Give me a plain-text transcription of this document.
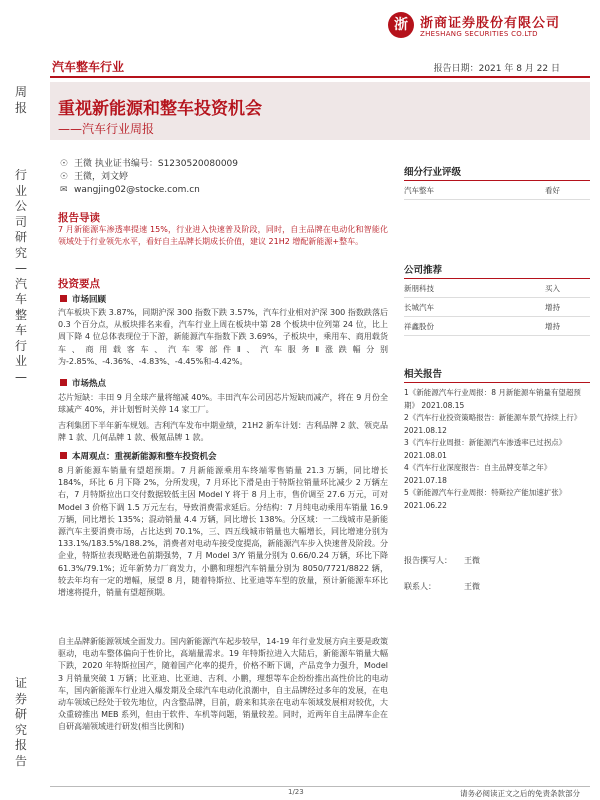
浙 浙商证券股份有限公司
ZHESHANG SECURITIES CO.LTD
周报
行业公司研究—汽车整车行业—
证券研究报告
汽车整车行业	报告日期：2021 年 8 月 22 日
重视新能源和整车投资机会
——汽车行业周报
☉ 王微 执业证书编号：S1230520080009
☉ 王微，刘文婷
✉ wangjing02@stocke.com.cn
报告导读
7 月新能源车渗透率提速 15%，行业进入快速普及阶段，同时，自主品牌在电动化和智能化领域处于行业领先水平，看好自主品牌长期成长价值，建议 21H2 增配新能源+整车。
投资要点
市场回顾
汽车板块下跌 3.87%，同期沪深 300 指数下跌 3.57%，汽车行业相对沪深 300 指数跌落后 0.3 个百分点，从板块排名来看，汽车行业上周在板块中第 28 个板块中位列第 24 位，比上周下降 4 位总体表现位于下游，新能源汽车指数下跌 3.69%，子板块中，乘用车、商用载货车、商用载客车、汽车零部件Ⅱ、汽车服务Ⅱ涨跌幅分别为-2.85%、-4.36%、-4.83%、-4.45%和-4.42%。
市场热点
芯片短缺：丰田 9 月全球产量将缩减 40%。丰田汽车公司因芯片短缺而减产，将在 9 月份全球减产 40%，并计划暂时关停 14 家工厂。
吉利集团下半年新车规划。吉利汽车发布中期业绩，21H2 新车计划：吉利品牌 2 款、领克品牌 1 款、几何品牌 1 款、极氪品牌 1 款。
本周观点：重视新能源和整车投资机会
8 月新能源车销量有望超预期。7 月新能源乘用车终端零售销量 21.3 万辆，同比增长 184%，环比 6 月下降 2%，分所发现，7 月环比下滑是由于特斯拉销量环比减少 2 万辆左右，7 月特斯拉出口交付数据较低主因 Model Y 将于 8 月上市，售价调至 27.6 万元，可对 Model 3 价格下调 1.5 万元左右，导致消费需求延后。分结构：7 月纯电动乘用车销量 16.9 万辆，同比增长 135%；混动销量 4.4 万辆，同比增长 138%。分区域：一二线城市是新能源汽车主要消费市场，占比达到 70.1%，三、四五线城市销量也大幅增长，同比增速分别为 133.1%/183.5%/188.2%，消费者对电动车接受度提高，新能源汽车步入快速普及阶段。分企业，特斯拉表现略逊色前期强势，7 月 Model 3/Y 销量分别为 0.66/0.24 万辆，环比下降 61.3%/79.1%；近年新势力厂商发力，小鹏和理想汽车销量分别为 8050/7721/8822 辆，较去年均有一定的增幅，展望 8 月，随着特斯拉、比亚迪等车型的放量，预计新能源车环比增速将提升，销量有望超预期。
自主品牌新能源领域全面发力。国内新能源汽车起步较早，14-19 年行业发展方向主要是政策驱动，电动车整体偏向于性价比，高端量需求。19 年特斯拉进入大陆后，新能源车销量大幅下跌，2020 年特斯拉国产，随着国产化率的提升，价格不断下调，产品竞争力强升，Model 3 月销量突破 1 万辆；比亚迪、比亚迪、吉利、小鹏，理想等车企纷纷推出高性价比的电动车，国内新能源车行业进入爆发期及全球汽车电动化浪潮中，自主品牌经过多年的发展，在电动车领域已经处于较先地位，内含整品牌，目前，蔚来和其亲在电动车领域发展相对较优，大众重磅推出 MEB 系列，但由于软件、车机等问题，销量较差。同时，近两年自主品牌车企在自研高端领域进行研发(相当比例和)
细分行业评级
汽车整车	看好
公司推荐
新朋科技	买入
长城汽车	增持
祥鑫股份	增持
相关报告
1《新能源汽车行业周报：8 月新能源车销量有望超预期》 2021.08.15
2《汽车行业投资策略报告：新能源车景气持续上行》 2021.08.12
3《汽车行业周报：新能源汽车渗透率已过拐点》 2021.08.01
4《汽车行业深度报告：自主品牌变革之年》 2021.07.18
5《新能源汽车行业周报：特斯拉产能加速扩张》 2021.06.22
报告撰写人： 王微
联系人：	王微
1/23	请务必阅读正文之后的免责条款部分
